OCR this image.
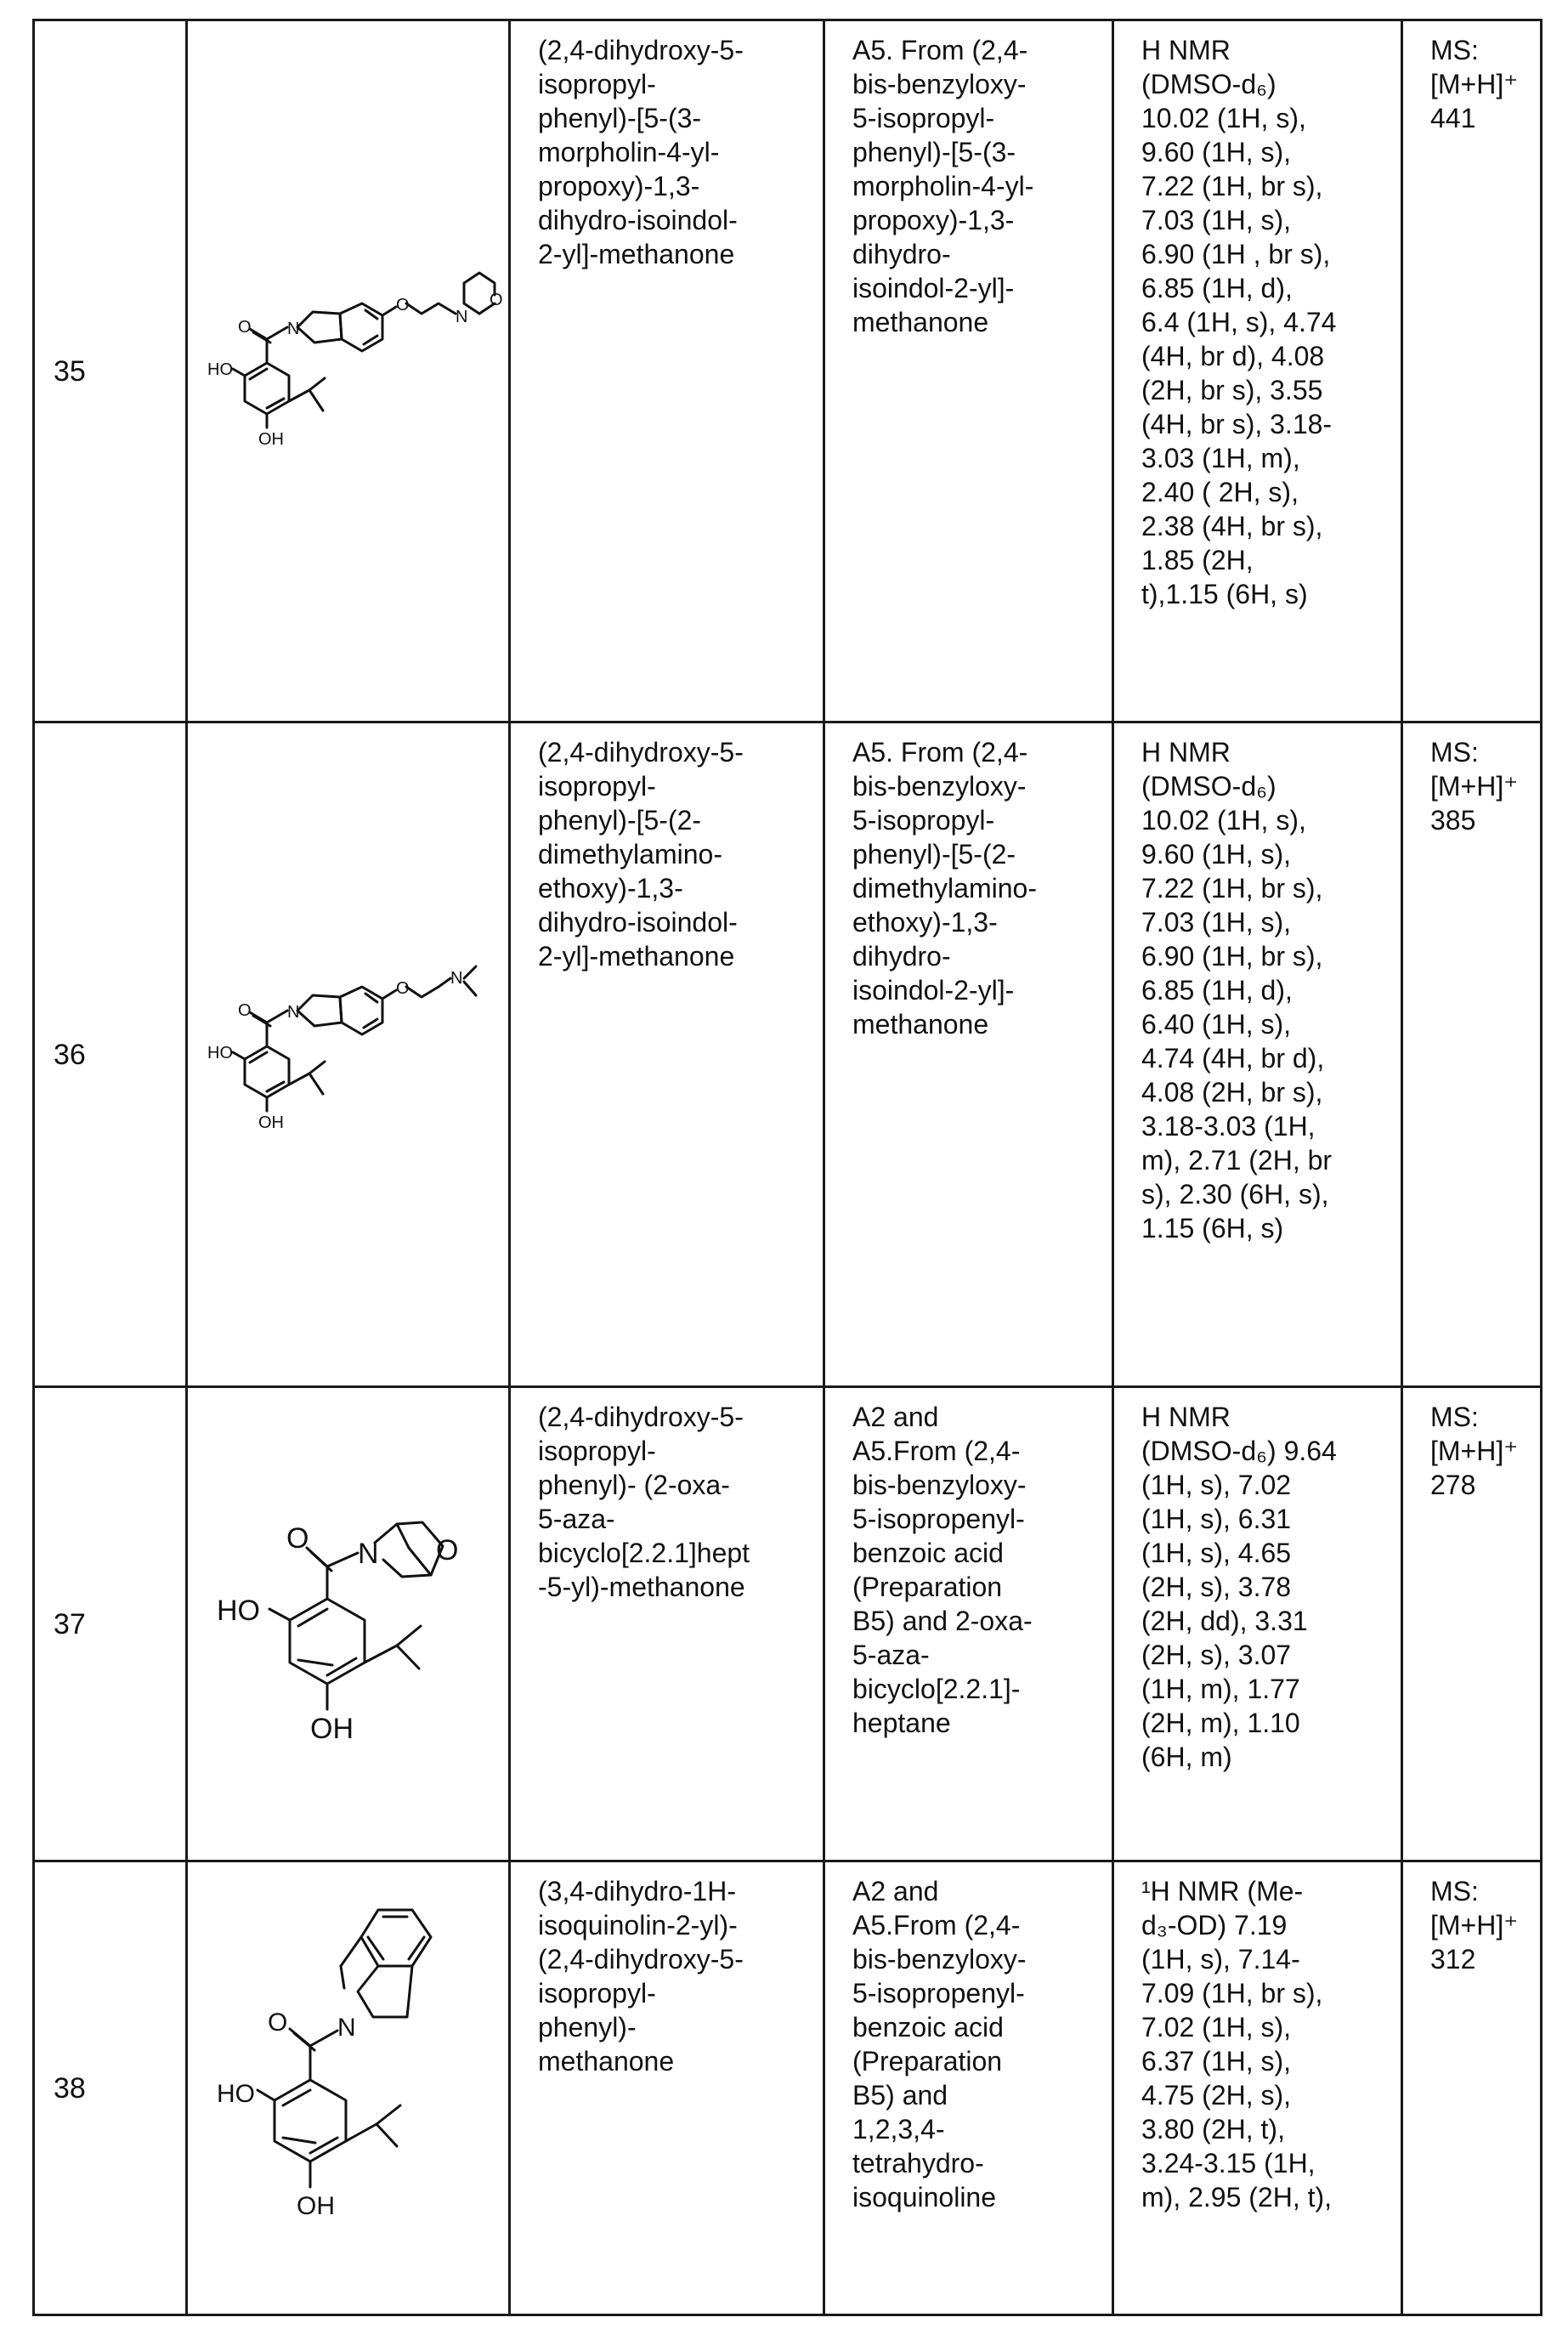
35	HO
OH
O N
O
N
O

(2,4-dihydroxy-5-
isopropyl-
phenyl)-[5-(3-
morpholin-4-yl-
propoxy)-1,3-
dihydro-isoindol-
2-yl]-methanone

A5. From (2,4-
bis-benzyloxy-
5-isopropyl-
phenyl)-[5-(3-
morpholin-4-yl-
propoxy)-1,3-
dihydro-
isoindol-2-yl]-
methanone

H NMR
(DMSO-d₆)
10.02 (1H, s),
9.60 (1H, s),
7.22 (1H, br s),
7.03 (1H, s),
6.90 (1H , br s),
6.85 (1H, d),
6.4 (1H, s), 4.74
(4H, br d), 4.08
(2H, br s), 3.55
(4H, br s), 3.18-
3.03 (1H, m),
2.40 ( 2H, s),
2.38 (4H, br s),
1.85 (2H,
t),1.15 (6H, s)

MS:
[M+H]⁺
441

36	HO
OH
O N
O
N

(2,4-dihydroxy-5-
isopropyl-
phenyl)-[5-(2-
dimethylamino-
ethoxy)-1,3-
dihydro-isoindol-
2-yl]-methanone

A5. From (2,4-
bis-benzyloxy-
5-isopropyl-
phenyl)-[5-(2-
dimethylamino-
ethoxy)-1,3-
dihydro-
isoindol-2-yl]-
methanone

H NMR
(DMSO-d₆)
10.02 (1H, s),
9.60 (1H, s),
7.22 (1H, br s),
7.03 (1H, s),
6.90 (1H, br s),
6.85 (1H, d),
6.40 (1H, s),
4.74 (4H, br d),
4.08 (2H, br s),
3.18-3.03 (1H,
m), 2.71 (2H, br
s), 2.30 (6H, s),
1.15 (6H, s)

MS:
[M+H]⁺
385

37	HO
OH
O N O

(2,4-dihydroxy-5-
isopropyl-
phenyl)- (2-oxa-
5-aza-
bicyclo[2.2.1]hept
-5-yl)-methanone

A2 and
A5.From (2,4-
bis-benzyloxy-
5-isopropenyl-
benzoic acid
(Preparation
B5) and 2-oxa-
5-aza-
bicyclo[2.2.1]-
heptane

H NMR
(DMSO-d₆) 9.64
(1H, s), 7.02
(1H, s), 6.31
(1H, s), 4.65
(2H, s), 3.78
(2H, dd), 3.31
(2H, s), 3.07
(1H, m), 1.77
(2H, m), 1.10
(6H, m)

MS:
[M+H]⁺
278

38	HO
OH
O N

(3,4-dihydro-1H-
isoquinolin-2-yl)-
(2,4-dihydroxy-5-
isopropyl-
phenyl)-
methanone

A2 and
A5.From (2,4-
bis-benzyloxy-
5-isopropenyl-
benzoic acid
(Preparation
B5) and
1,2,3,4-
tetrahydro-
isoquinoline

¹H NMR (Me-
d₃-OD) 7.19
(1H, s), 7.14-
7.09 (1H, br s),
7.02 (1H, s),
6.37 (1H, s),
4.75 (2H, s),
3.80 (2H, t),
3.24-3.15 (1H,
m), 2.95 (2H, t),

MS:
[M+H]⁺
312
